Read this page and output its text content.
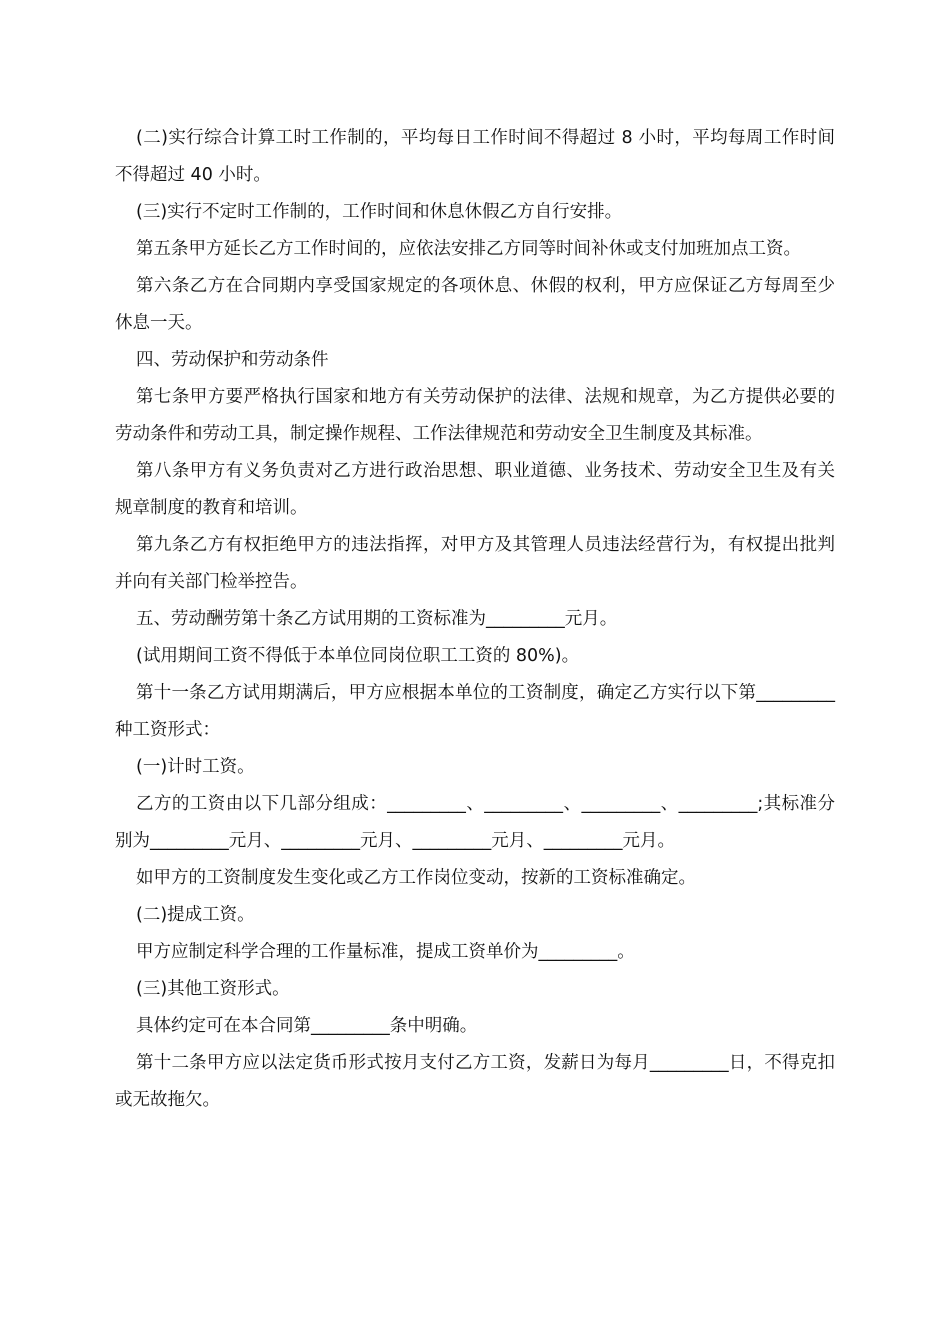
(二)实行综合计算工时工作制的，平均每日工作时间不得超过 8 小时，平均每周工作时间不得超过 40 小时。

(三)实行不定时工作制的，工作时间和休息休假乙方自行安排。

第五条甲方延长乙方工作时间的，应依法安排乙方同等时间补休或支付加班加点工资。

第六条乙方在合同期内享受国家规定的各项休息、休假的权利，甲方应保证乙方每周至少休息一天。

四、劳动保护和劳动条件

第七条甲方要严格执行国家和地方有关劳动保护的法律、法规和规章，为乙方提供必要的劳动条件和劳动工具，制定操作规程、工作法律规范和劳动安全卫生制度及其标准。

第八条甲方有义务负责对乙方进行政治思想、职业道德、业务技术、劳动安全卫生及有关规章制度的教育和培训。

第九条乙方有权拒绝甲方的违法指挥，对甲方及其管理人员违法经营行为，有权提出批判并向有关部门检举控告。

五、劳动酬劳第十条乙方试用期的工资标准为_________元月。

(试用期间工资不得低于本单位同岗位职工工资的 80%)。

第十一条乙方试用期满后，甲方应根据本单位的工资制度，确定乙方实行以下第_________种工资形式：

(一)计时工资。

乙方的工资由以下几部分组成：_________、_________、_________、_________;其标准分别为_________元月、_________元月、_________元月、_________元月。

如甲方的工资制度发生变化或乙方工作岗位变动，按新的工资标准确定。

(二)提成工资。

甲方应制定科学合理的工作量标准，提成工资单价为_________。

(三)其他工资形式。

具体约定可在本合同第_________条中明确。

第十二条甲方应以法定货币形式按月支付乙方工资，发薪日为每月_________日，不得克扣或无故拖欠。
